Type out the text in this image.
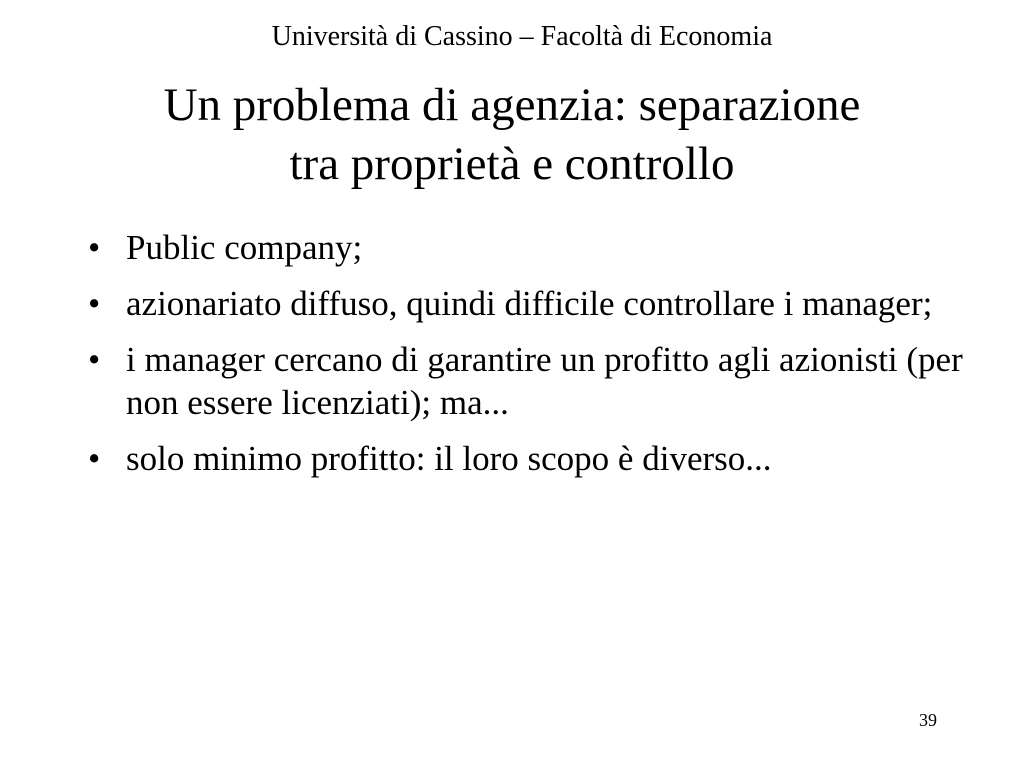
Università di Cassino – Facoltà di Economia
Un problema di agenzia: separazione
tra proprietà e controllo
• Public company;
• azionariato diffuso, quindi difficile controllare i manager;
• i manager cercano di garantire un profitto agli azionisti (per non essere licenziati); ma...
• solo minimo profitto: il loro scopo è diverso...
39
